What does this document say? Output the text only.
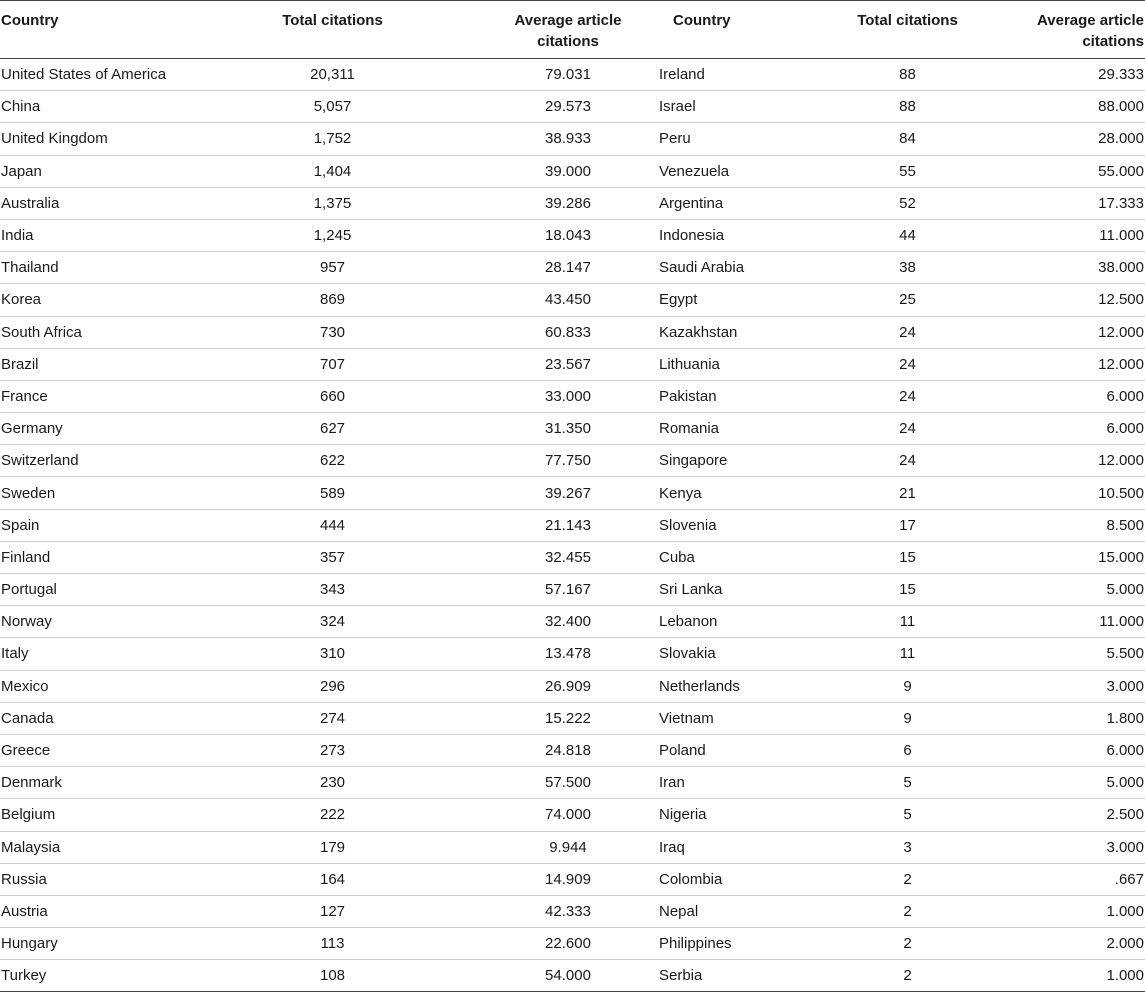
Country	Total citations	Average article citations	Country	Total citations	Average article citations
United States of America	20,311	79.031	Ireland	88	29.333
China	5,057	29.573	Israel	88	88.000
United Kingdom	1,752	38.933	Peru	84	28.000
Japan	1,404	39.000	Venezuela	55	55.000
Australia	1,375	39.286	Argentina	52	17.333
India	1,245	18.043	Indonesia	44	11.000
Thailand	957	28.147	Saudi Arabia	38	38.000
Korea	869	43.450	Egypt	25	12.500
South Africa	730	60.833	Kazakhstan	24	12.000
Brazil	707	23.567	Lithuania	24	12.000
France	660	33.000	Pakistan	24	6.000
Germany	627	31.350	Romania	24	6.000
Switzerland	622	77.750	Singapore	24	12.000
Sweden	589	39.267	Kenya	21	10.500
Spain	444	21.143	Slovenia	17	8.500
Finland	357	32.455	Cuba	15	15.000
Portugal	343	57.167	Sri Lanka	15	5.000
Norway	324	32.400	Lebanon	11	11.000
Italy	310	13.478	Slovakia	11	5.500
Mexico	296	26.909	Netherlands	9	3.000
Canada	274	15.222	Vietnam	9	1.800
Greece	273	24.818	Poland	6	6.000
Denmark	230	57.500	Iran	5	5.000
Belgium	222	74.000	Nigeria	5	2.500
Malaysia	179	9.944	Iraq	3	3.000
Russia	164	14.909	Colombia	2	.667
Austria	127	42.333	Nepal	2	1.000
Hungary	113	22.600	Philippines	2	2.000
Turkey	108	54.000	Serbia	2	1.000
